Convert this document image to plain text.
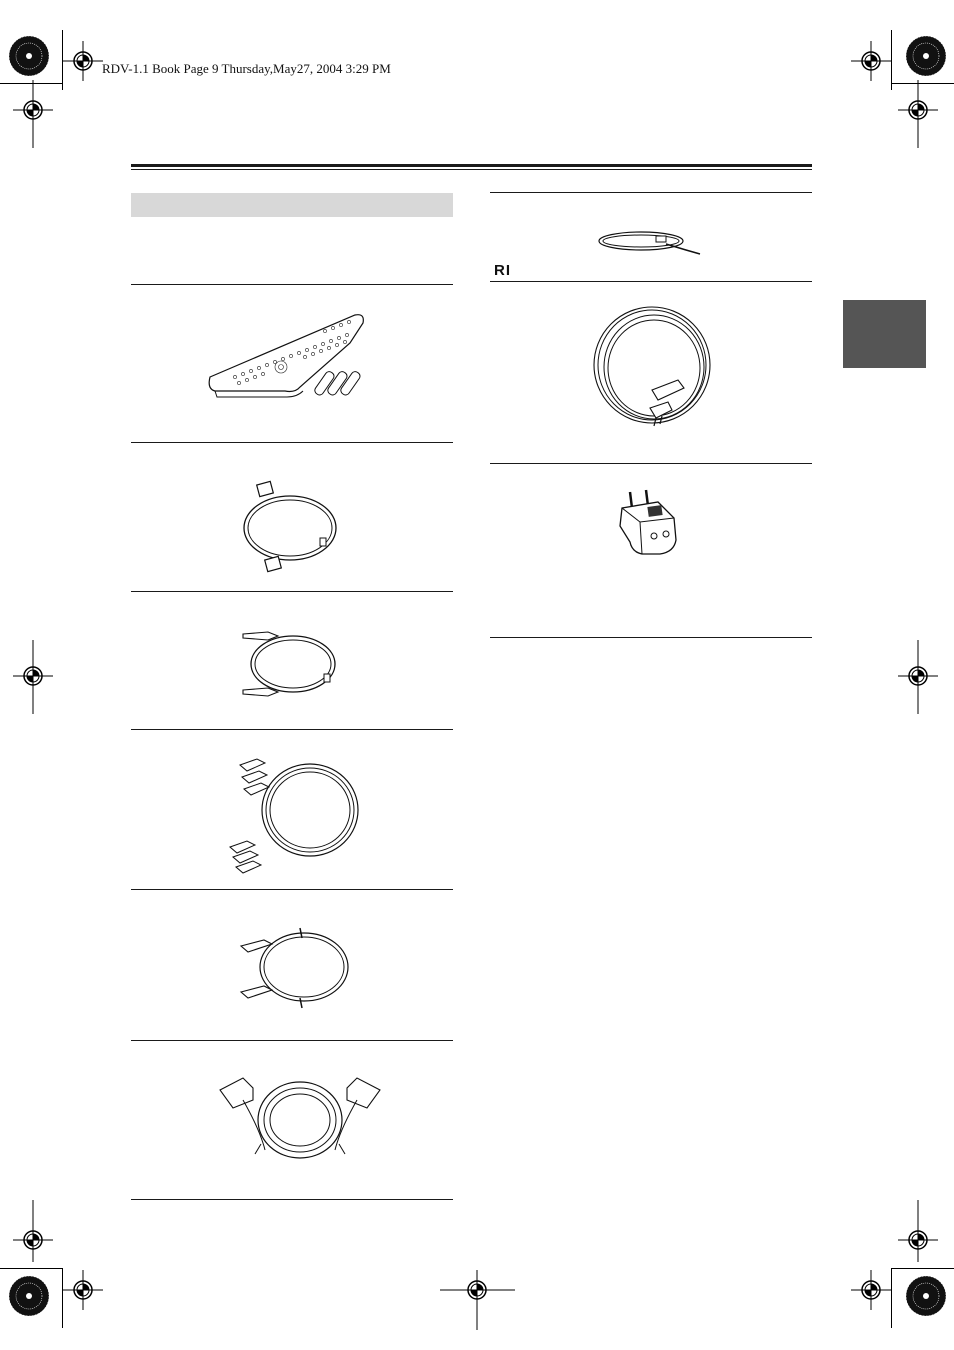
RDV-1.1 Book Page 9 Thursday,May27, 2004 3:29 PM
RI
